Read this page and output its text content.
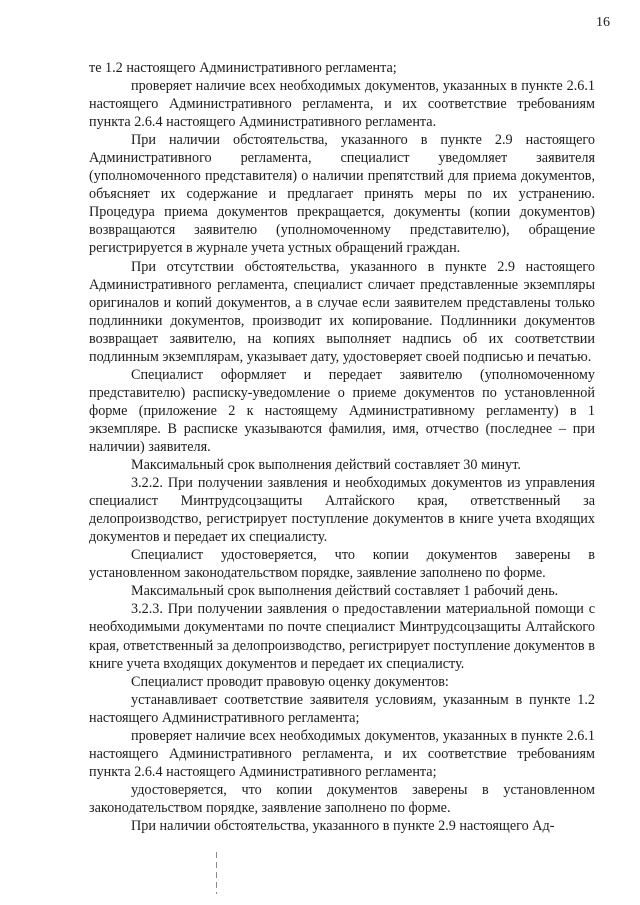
16

те 1.2 настоящего Административного регламента;

проверяет наличие всех необходимых документов, указанных в пункте 2.6.1 настоящего Административного регламента, и их соответствие требованиям пункта 2.6.4 настоящего Административного регламента.

При наличии обстоятельства, указанного в пункте 2.9 настоящего Административного регламента, специалист уведомляет заявителя (уполномоченного представителя) о наличии препятствий для приема документов, объясняет их содержание и предлагает принять меры по их устранению. Процедура приема документов прекращается, документы (копии документов) возвращаются заявителю (уполномоченному представителю), обращение регистрируется в журнале учета устных обращений граждан.

При отсутствии обстоятельства, указанного в пункте 2.9 настоящего Административного регламента, специалист сличает представленные экземпляры оригиналов и копий документов, а в случае если заявителем представлены только подлинники документов, производит их копирование. Подлинники документов возвращает заявителю, на копиях выполняет надпись об их соответствии подлинным экземплярам, указывает дату, удостоверяет своей подписью и печатью.

Специалист оформляет и передает заявителю (уполномоченному представителю) расписку-уведомление о приеме документов по установленной форме (приложение 2 к настоящему Административному регламенту) в 1 экземпляре. В расписке указываются фамилия, имя, отчество (последнее – при наличии) заявителя.

Максимальный срок выполнения действий составляет 30 минут.

3.2.2. При получении заявления и необходимых документов из управления специалист Минтрудсоцзащиты Алтайского края, ответственный за делопроизводство, регистрирует поступление документов в книге учета входящих документов и передает их специалисту.

Специалист удостоверяется, что копии документов заверены в установленном законодательством порядке, заявление заполнено по форме.

Максимальный срок выполнения действий составляет 1 рабочий день.

3.2.3. При получении заявления о предоставлении материальной помощи с необходимыми документами по почте специалист Минтрудсоцзащиты Алтайского края, ответственный за делопроизводство, регистрирует поступление документов в книге учета входящих документов и передает их специалисту.

Специалист проводит правовую оценку документов:

устанавливает соответствие заявителя условиям, указанным в пункте 1.2 настоящего Административного регламента;

проверяет наличие всех необходимых документов, указанных в пункте 2.6.1 настоящего Административного регламента, и их соответствие требованиям пункта 2.6.4 настоящего Административного регламента;

удостоверяется, что копии документов заверены в установленном законодательством порядке, заявление заполнено по форме.

При наличии обстоятельства, указанного в пункте 2.9 настоящего Ад-
